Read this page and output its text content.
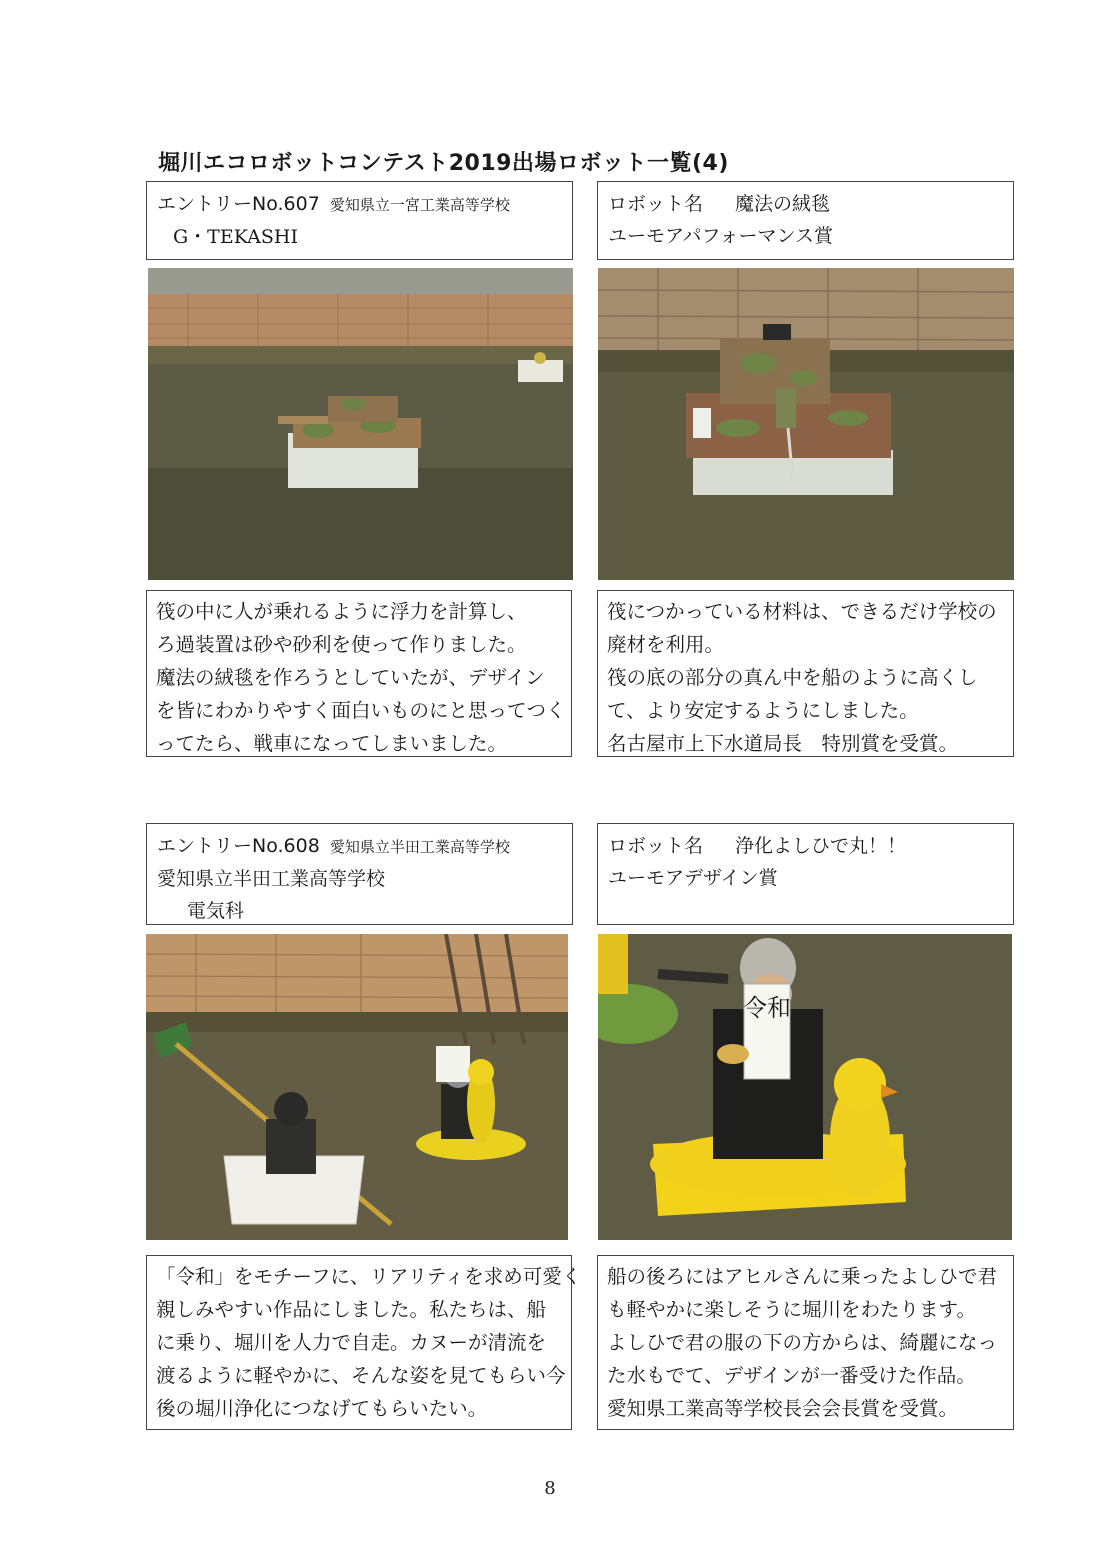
堀川エコロボットコンテスト2019出場ロボット一覧(4)
エントリーNo.607 愛知県立一宮工業高等学校
G・TEKASHI
ロボット名 魔法の絨毯
ユーモアパフォーマンス賞
筏の中に人が乗れるように浮力を計算し、
ろ過装置は砂や砂利を使って作りました。
魔法の絨毯を作ろうとしていたが、デザイン
を皆にわかりやすく面白いものにと思ってつく
ってたら、戦車になってしまいました。
筏につかっている材料は、できるだけ学校の
廃材を利用。
筏の底の部分の真ん中を船のように高くし
て、より安定するようにしました。
名古屋市上下水道局長　特別賞を受賞。
エントリーNo.608 愛知県立半田工業高等学校
愛知県立半田工業高等学校
電気科
ロボット名 浄化よしひで丸！！
ユーモアデザイン賞
令和
「令和」をモチーフに、リアリティを求め可愛く
親しみやすい作品にしました。私たちは、船
に乗り、堀川を人力で自走。カヌーが清流を
渡るように軽やかに、そんな姿を見てもらい今
後の堀川浄化につなげてもらいたい。
船の後ろにはアヒルさんに乗ったよしひで君
も軽やかに楽しそうに堀川をわたります。
よしひで君の服の下の方からは、綺麗になっ
た水もでて、デザインが一番受けた作品。
愛知県工業高等学校長会会長賞を受賞。
8
